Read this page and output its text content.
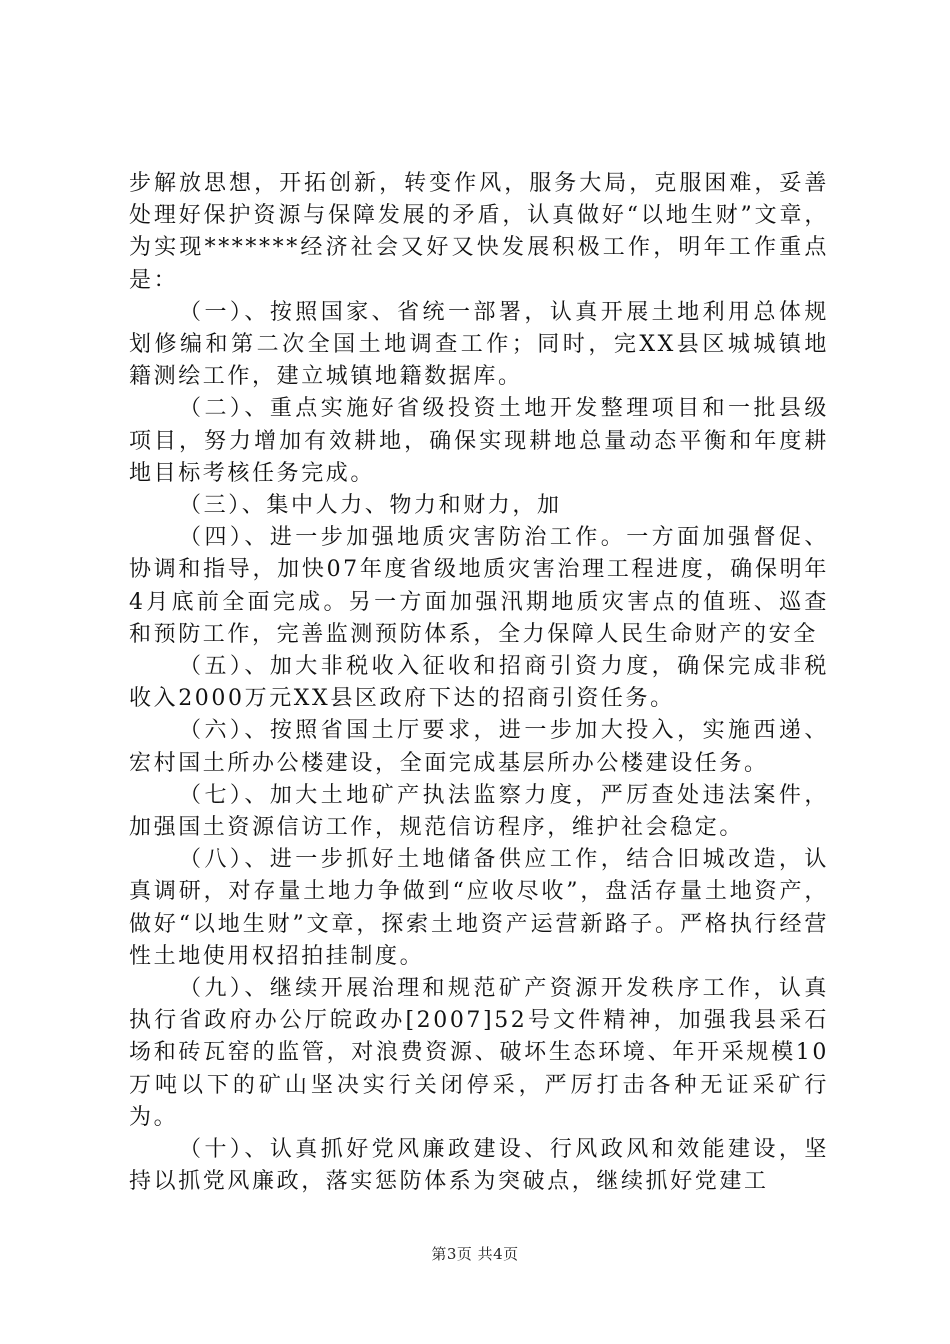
步解放思想，开拓创新，转变作风，服务大局，克服困难，妥善处理好保护资源与保障发展的矛盾，认真做好“以地生财”文章，为实现*******经济社会又好又快发展积极工作，明年工作重点是：

（一）、按照国家、省统一部署，认真开展土地利用总体规划修编和第二次全国土地调查工作；同时，完XX县区城城镇地籍测绘工作，建立城镇地籍数据库。

（二）、重点实施好省级投资土地开发整理项目和一批县级项目，努力增加有效耕地，确保实现耕地总量动态平衡和年度耕地目标考核任务完成。

（三）、集中人力、物力和财力，加

（四）、进一步加强地质灾害防治工作。一方面加强督促、协调和指导，加快07年度省级地质灾害治理工程进度，确保明年4月底前全面完成。另一方面加强汛期地质灾害点的值班、巡查和预防工作，完善监测预防体系，全力保障人民生命财产的安全

（五）、加大非税收入征收和招商引资力度，确保完成非税收入2000万元XX县区政府下达的招商引资任务。

（六）、按照省国土厅要求，进一步加大投入，实施西递、宏村国土所办公楼建设，全面完成基层所办公楼建设任务。

（七）、加大土地矿产执法监察力度，严厉查处违法案件，加强国土资源信访工作，规范信访程序，维护社会稳定。

（八）、进一步抓好土地储备供应工作，结合旧城改造，认真调研，对存量土地力争做到“应收尽收”，盘活存量土地资产，做好“以地生财”文章，探索土地资产运营新路子。严格执行经营性土地使用权招拍挂制度。

（九）、继续开展治理和规范矿产资源开发秩序工作，认真执行省政府办公厅皖政办[2007]52号文件精神，加强我县采石场和砖瓦窑的监管，对浪费资源、破坏生态环境、年开采规模10万吨以下的矿山坚决实行关闭停采，严厉打击各种无证采矿行为。

（十）、认真抓好党风廉政建设、行风政风和效能建设，坚持以抓党风廉政，落实惩防体系为突破点，继续抓好党建工

第3页 共4页
